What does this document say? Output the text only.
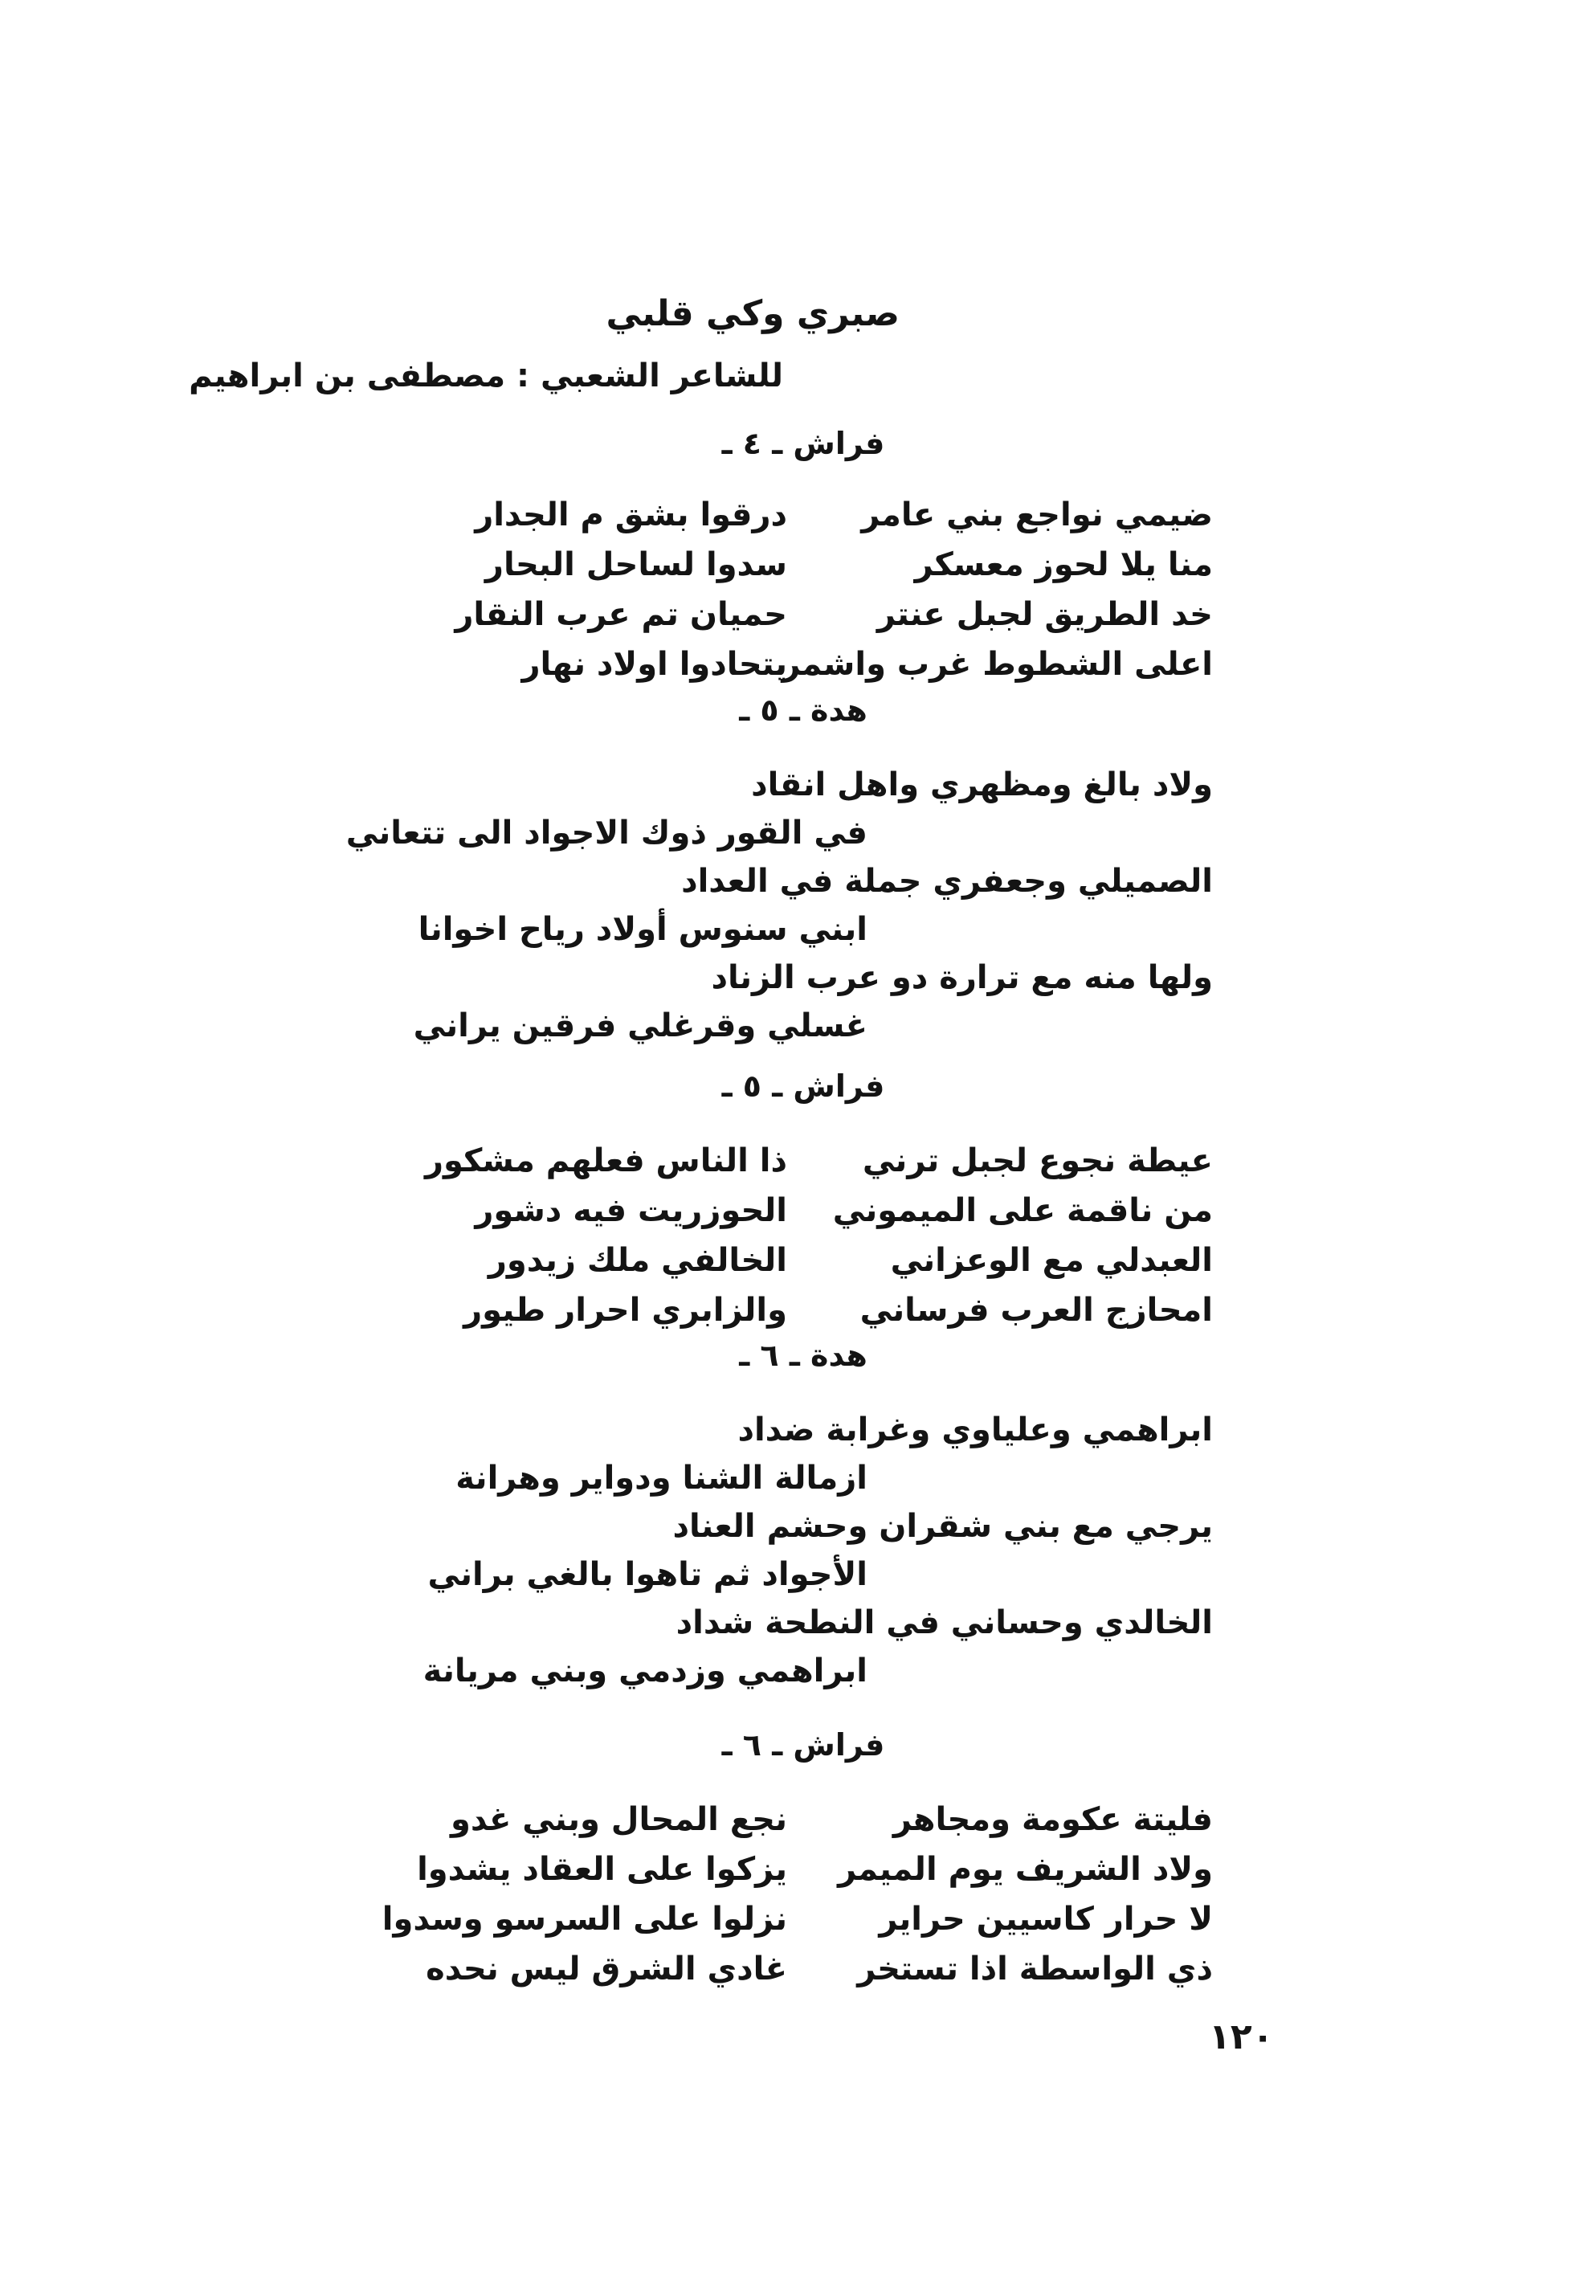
صبري وكي قلبي
للشاعر الشعبي : مصطفى بن ابراهيم
فراش ـ ٤ ـ
ضيمي نواجع بني عامر
درقوا بشق م الجدار
منا يلا لحوز معسكر
سدوا لساحل البحار
خد الطريق لجبل عنتر
حميان تم عرب النقار
اعلى الشطوط غرب واشمر
يتحادوا اولاد نهار
هدة ـ ٥ ـ
ولاد بالغ ومظهري واهل انقاد
في القور ذوك الاجواد الى تتعاني
الصميلي وجعفري جملة في العداد
ابني سنوس أولاد رياح اخوانا
ولها منه مع ترارة دو عرب الزناد
غسلي وقرغلي فرقين يراني
فراش ـ ٥ ـ
عيطة نجوع لجبل ترني
ذا الناس فعلهم مشكور
من ناقمة على الميموني
الحوزريت فيه دشور
العبدلي مع الوعزاني
الخالفي ملك زيدور
امحازج العرب فرساني
والزابري احرار طيور
هدة ـ ٦ ـ
ابراهمي وعلياوي وغرابة ضداد
ازمالة الشنا ودواير وهرانة
يرجي مع بني شقران وحشم العناد
الأجواد ثم تاهوا بالغي براني
الخالدي وحساني في النطحة شداد
ابراهمي وزدمي وبني مريانة
فراش ـ ٦ ـ
فليتة عكومة ومجاهر
نجع المحال وبني غدو
ولاد الشريف يوم الميمر
يزكوا على العقاد يشدوا
لا حرار كاسيين حراير
نزلوا على السرسو وسدوا
ذي الواسطة اذا تستخر
غادي الشرق ليس نحده
١٢٠
